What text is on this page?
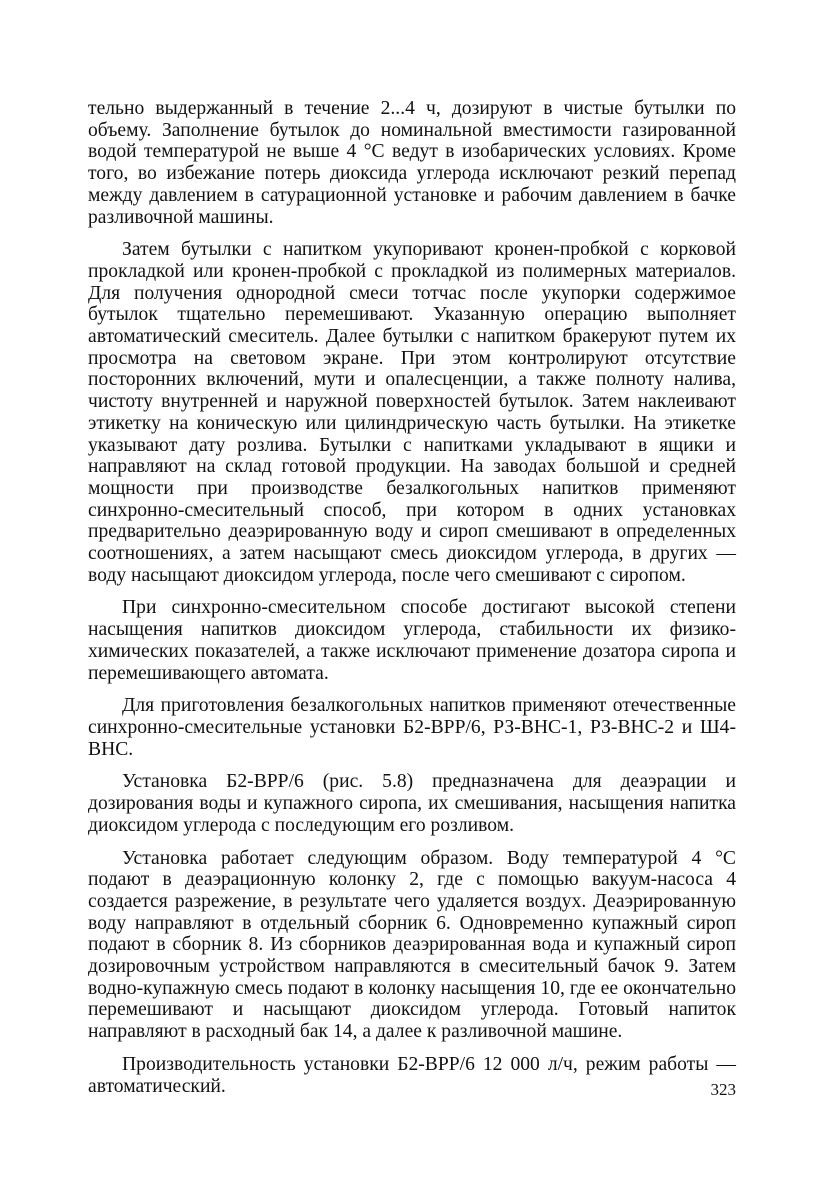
тельно выдержанный в течение 2...4 ч, дозируют в чистые бутылки по объему. Заполнение бутылок до номинальной вместимости газированной водой температурой не выше 4 °С ведут в изобарических условиях. Кроме того, во избежание потерь диоксида углерода исключают резкий перепад между давлением в сатурационной установке и рабочим давлением в бачке разливочной машины.

Затем бутылки с напитком укупоривают кронен-пробкой с корковой прокладкой или кронен-пробкой с прокладкой из полимерных материалов. Для получения однородной смеси тотчас после укупорки содержимое бутылок тщательно перемешивают. Указанную операцию выполняет автоматический смеситель. Далее бутылки с напитком бракеруют путем их просмотра на световом экране. При этом контролируют отсутствие посторонних включений, мути и опалесценции, а также полноту налива, чистоту внутренней и наружной поверхностей бутылок. Затем наклеивают этикетку на коническую или цилиндрическую часть бутылки. На этикетке указывают дату розлива. Бутылки с напитками укладывают в ящики и направляют на склад готовой продукции. На заводах большой и средней мощности при производстве безалкогольных напитков применяют синхронно-смесительный способ, при котором в одних установках предварительно деаэрированную воду и сироп смешивают в определенных соотношениях, а затем насыщают смесь диоксидом углерода, в других — воду насыщают диоксидом углерода, после чего смешивают с сиропом.

При синхронно-смесительном способе достигают высокой степени насыщения напитков диоксидом углерода, стабильности их физико-химических показателей, а также исключают применение дозатора сиропа и перемешивающего автомата.

Для приготовления безалкогольных напитков применяют отечественные синхронно-смесительные установки Б2-ВРР/6, РЗ-ВНС-1, РЗ-ВНС-2 и Ш4-ВНС.

Установка Б2-ВРР/6 (рис. 5.8) предназначена для деаэрации и дозирования воды и купажного сиропа, их смешивания, насыщения напитка диоксидом углерода с последующим его розливом.

Установка работает следующим образом. Воду температурой 4 °С подают в деаэрационную колонку 2, где с помощью вакуум-насоса 4 создается разрежение, в результате чего удаляется воздух. Деаэрированную воду направляют в отдельный сборник 6. Одновременно купажный сироп подают в сборник 8. Из сборников деаэрированная вода и купажный сироп дозировочным устройством направляются в смесительный бачок 9. Затем водно-купажную смесь подают в колонку насыщения 10, где ее окончательно перемешивают и насыщают диоксидом углерода. Готовый напиток направляют в расходный бак 14, а далее к разливочной машине.

Производительность установки Б2-ВРР/6 12 000 л/ч, режим работы — автоматический.	323
